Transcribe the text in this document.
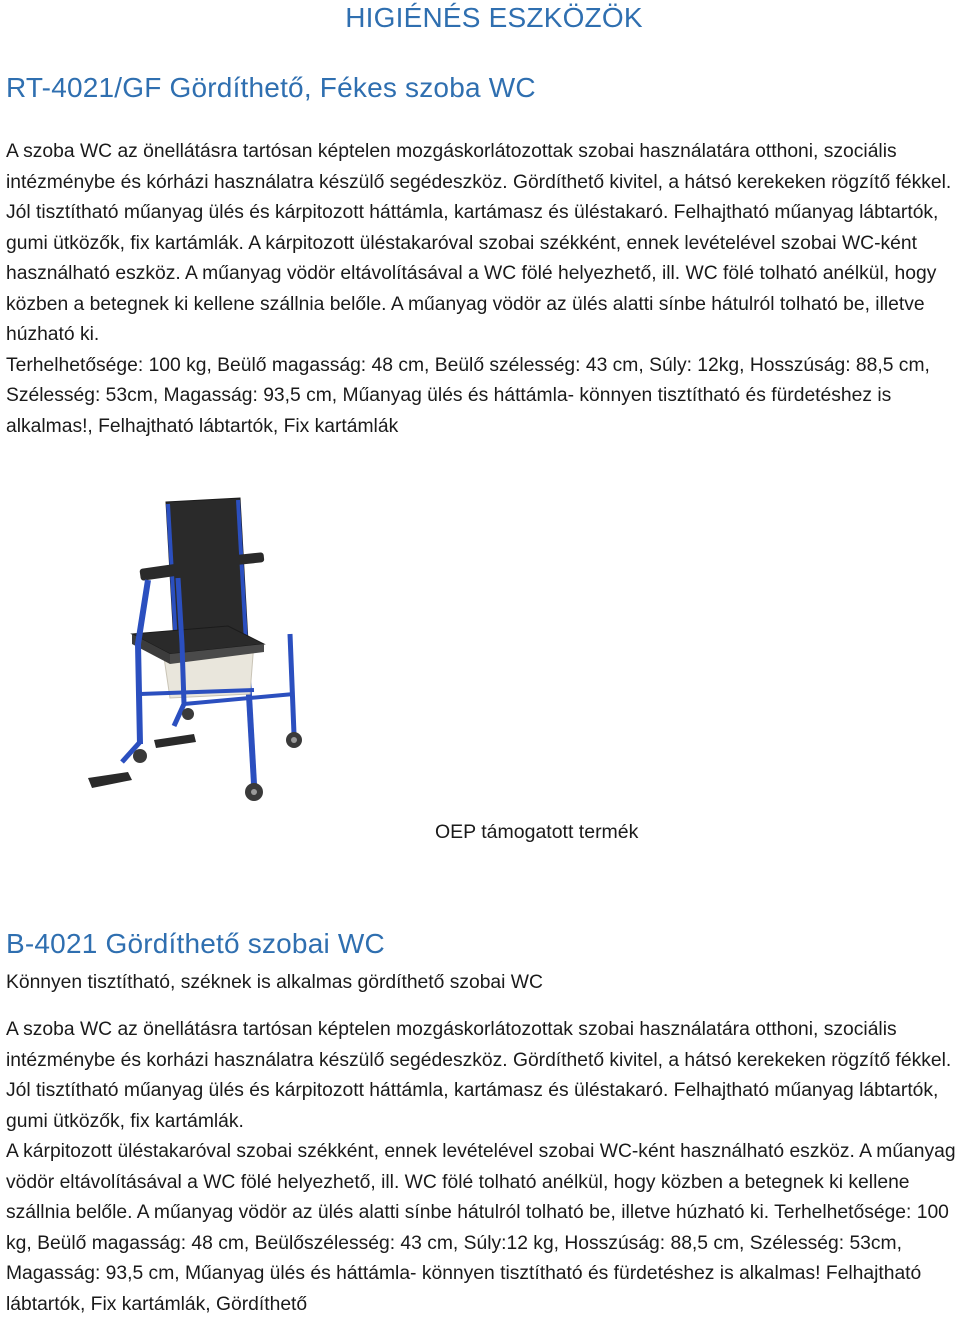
HIGIÉNÉS ESZKÖZÖK
RT-4021/GF Gördíthető, Fékes szoba WC

A szoba WC az önellátásra tartósan képtelen mozgáskorlátozottak szobai használatára otthoni, szociális intézménybe és kórházi használatra készülő segédeszköz. Gördíthető kivitel, a hátsó kerekeken rögzítő fékkel. Jól tisztítható műanyag ülés és kárpitozott háttámla, kartámasz és üléstakaró. Felhajtható műanyag lábtartók, gumi ütközők, fix kartámlák. A kárpitozott üléstakaróval szobai székként, ennek levételével szobai WC-ként használható eszköz. A műanyag vödör eltávolításával a WC fölé helyezhető, ill. WC fölé tolható anélkül, hogy közben a betegnek ki kellene szállnia belőle. A műanyag vödör az ülés alatti sínbe hátulról tolható be, illetve húzható ki.
Terhelhetősége: 100 kg, Beülő magasság: 48 cm, Beülő szélesség: 43 cm, Súly: 12kg, Hosszúság: 88,5 cm, Szélesség: 53cm, Magasság: 93,5 cm, Műanyag ülés és háttámla- könnyen tisztítható és fürdetéshez is alkalmas!, Felhajtható lábtartók, Fix kartámlák

OEP támogatott termék

B-4021 Gördíthető szobai WC

Könnyen tisztítható, széknek is alkalmas gördíthető szobai WC

A szoba WC az önellátásra tartósan képtelen mozgáskorlátozottak szobai használatára otthoni, szociális intézménybe és korházi használatra készülő segédeszköz. Gördíthető kivitel, a hátsó kerekeken rögzítő fékkel. Jól tisztítható műanyag ülés és kárpitozott háttámla, kartámasz és üléstakaró. Felhajtható műanyag lábtartók, gumi ütközők, fix kartámlák.
A kárpitozott üléstakaróval szobai székként, ennek levételével szobai WC-ként használható eszköz. A műanyag vödör eltávolításával a WC fölé helyezhető, ill. WC fölé tolható anélkül, hogy közben a betegnek ki kellene szállnia belőle. A műanyag vödör az ülés alatti sínbe hátulról tolható be, illetve húzható ki. Terhelhetősége: 100 kg, Beülő magasság: 48 cm, Beülőszélesség: 43 cm, Súly:12 kg, Hosszúság: 88,5 cm, Szélesség: 53cm, Magasság: 93,5 cm, Műanyag ülés és háttámla- könnyen tisztítható és fürdetéshez is alkalmas! Felhajtható lábtartók, Fix kartámlák, Gördíthető
